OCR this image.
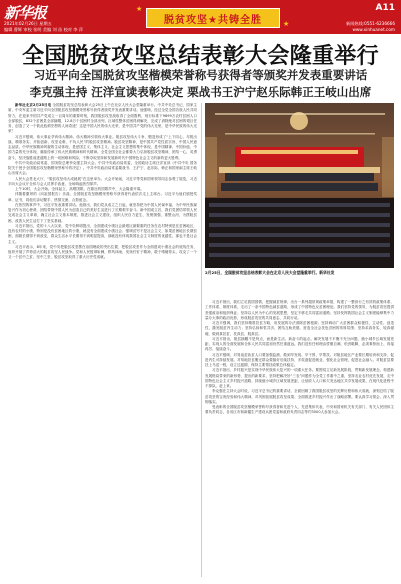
新华报
2021年02月26日 星期五
编辑 曹辉 审校 张明 美编 刘 苗 校对 李 萍
★
★
脱贫攻坚★共铸全胜
A11
新闻热线:0551-6236666
www.xinhuanet.com
全国脱贫攻坚总结表彰大会隆重举行
习近平向全国脱贫攻坚楷模荣誉称号获得者等颁奖并发表重要讲话
李克强主持 汪洋宣读表彰决定 栗战书王沪宁赵乐际韩正王岐山出席

新华社北京2月25日电 全国脱贫攻坚总结表彰大会25日上午在北京人民大会堂隆重举行。中共中央总书记、国家主席、中央军委主席习近平向全国脱贫攻坚楷模荣誉称号获得者颁奖并发表重要讲话。他强调，经过全党全国各族人民共同努力，在迎来中国共产党成立一百周年的重要时刻，我国脱贫攻坚战取得了全面胜利，现行标准下9899万农村贫困人口全部脱贫，832个贫困县全部摘帽，12.8万个贫困村全部出列，区域性整体贫困得到解决，完成了消除绝对贫困的艰巨任务，创造了又一个彼此彪炳史册的人间奇迹！这是中国人民的伟大光荣，是中国共产党的伟大光荣，是中华民族的伟大光荣！

习近平强调，伟大事业孕育伟大精神。伟大精神引领伟大事业。脱贫攻坚伟大斗争，锻造形成了“上下同心、尽锐出战、精准务实、开拓创新、攻坚克难、不负人民”的脱贫攻坚精神。脱贫攻坚精神，是中国共产党性质宗旨、中国人民意志品质、中华民族精神风貌的生动体现，是爱国主义、集体主义、社会主义思想的集中体现，是中国精神、中国价值、中国力量的充分体现，赓续传承了伟大民族精神和时代精神。全党全国全社会都要大力弘扬脱贫攻坚精神，团结一心，英勇奋斗，坚决战胜前进道路上的一切困难和风险，不断夺取坚持和发展新时代中国特色社会主义的新的更大胜利。

中共中央政治局常委、国务院总理李克强主持大会。中共中央政治局常委、全国政协主席汪洋宣读《中共中央 国务院关于授予全国脱贫攻坚楷模荣誉称号的决定》。中共中央政治局常委栗战书、王沪宁、赵乐际、韩正和国家副主席王岐山出席大会。

人民大会堂北大厅，“脱贫攻坚伟大成就展”在这里举办。大会开始前，习近平等党和国家领导同志参观了展览，习近平向大会议厅全体与会人员挥手致意，全场响起热烈掌声。

上午10时，大会开始。全体起立，高唱国歌。在雄壮的国歌声中，大会隆重开幕。

伴随着激昂的《向祖国报告》乐曲，全国脱贫攻坚楷模荣誉称号获得者代表依次走上主席台。习近平为他们颁授奖章、证书，同他们亲切握手、热情交流、合影留念。

在热烈的掌声中，习近平发表重要讲话。他指出，我们党从成立之日起，就坚持把为中国人民谋幸福、为中华民族谋复兴作为初心使命，团结带领中国人民为创造自己的美好生活进行了长期艰辛奋斗。新中国成立后，我们党团结带领人民完成社会主义革命，确立社会主义基本制度，推进社会主义建设，组织人民自力更生、发愤图强、重整山河，为摆脱贫困、改善人民生活打下了坚实基础。

习近平指出，党的十八大以来，党中央鲜明提出，全面建成小康社会最艰巨最繁重的任务在农村特别是在贫困地区，没有农村的小康，特别是没有贫困地区的小康，就没有全面建成小康社会；强调贫穷不是社会主义，如果贫困地区长期贫困，面貌长期得不到改变，群众生活水平长期得不到明显提高，那就没有体现我国社会主义制度的优越性，那也不是社会主义。

习近平表示，8年来，党中央把脱贫攻坚摆在治国理政的突出位置，把脱贫攻坚作为全面建成小康社会的底线任务，组织开展了声势浩大的脱贫攻坚人民战争。党和人民披荆斩棘、栉风沐雨，发扬钉钉子精神，敢于啃硬骨头，攻克了一个又一个贫中之贫、坚中之坚，脱贫攻坚取得了重大历史性成就。

2月25日，全国脱贫攻坚总结表彰大会在北京人民大会堂隆重举行。新华社发

习近平指出，我们立足我国国情，把握减贫规律，出台一系列超常规政策举措，构建了一整套行之有效的政策体系、工作体系、制度体系，走出了一条中国特色减贫道路，形成了中国特色反贫困理论。我们坚持党的领导，为脱贫攻坚提供坚强政治和组织保证；坚持以人民为中心的发展思想，坚定不移走共同富裕道路；坚持发挥我国社会主义制度能够集中力量办大事的政治优势，形成脱贫攻坚的共同意志、共同行动。

习近平强调，我们坚持精准扶贫方略，用发展的办法消除贫困根源；坚持调动广大贫困群众积极性、主动性、创造性，激发脱贫内生动力；坚持弘扬和衷共济、团结互助美德，营造全社会扶危济困的浓厚氛围；坚持求真务实、较真碰硬，做到真扶贫、扶真贫、脱真贫。

习近平指出，脱贫摘帽不是终点，而是新生活、新奋斗的起点。解决发展不平衡不充分问题、缩小城乡区域发展差距、实现人的全面发展和全体人民共同富裕仍然任重道远。我们没有任何理由骄傲自满、松劲歇脚，必须乘势而上、再接再厉、接续奋斗。

习近平强调，对易返贫致贫人口要加强监测，做到早发现、早干预、早帮扶。对脱贫地区产业要长期培育和支持，促进内生可持续发展。对易地扶贫搬迁群众要搞好后续扶持，多渠道促进就业，强化社会管理，促进社会融入。对脱贫县要扶上马送一程，设立过渡期，保持主要帮扶政策总体稳定。

习近平指出，乡村振兴是实现中华民族伟大复兴的一项重大任务。要围绕立足新发展阶段、贯彻新发展理念、构建新发展格局带来的新形势、提出的新要求，坚持把解决好“三农”问题作为全党工作重中之重，坚持农业农村优先发展，走中国特色社会主义乡村振兴道路，持续缩小城乡区域发展差距，让低收入人口和欠发达地区共享发展成果，在现代化进程中不掉队、赶上来。

李克强在主持大会时说，习近平总书记的重要讲话，全面回顾了我国脱贫攻坚的光辉历程和伟大成就，深刻总结了脱贫攻坚的宝贵经验和伟大精神，对巩固拓展脱贫攻坚成果、全面推进乡村振兴作出了战略部署。要认真学习领会、深入贯彻落实。

受表彰的全国脱贫攻坚楷模荣誉称号获得者和先进个人、先进集体代表，中央和国家机关有关部门、有关人民团体主要负责同志，各省区市和新疆生产建设兵团党委和政府负责同志等约3000人参加大会。
